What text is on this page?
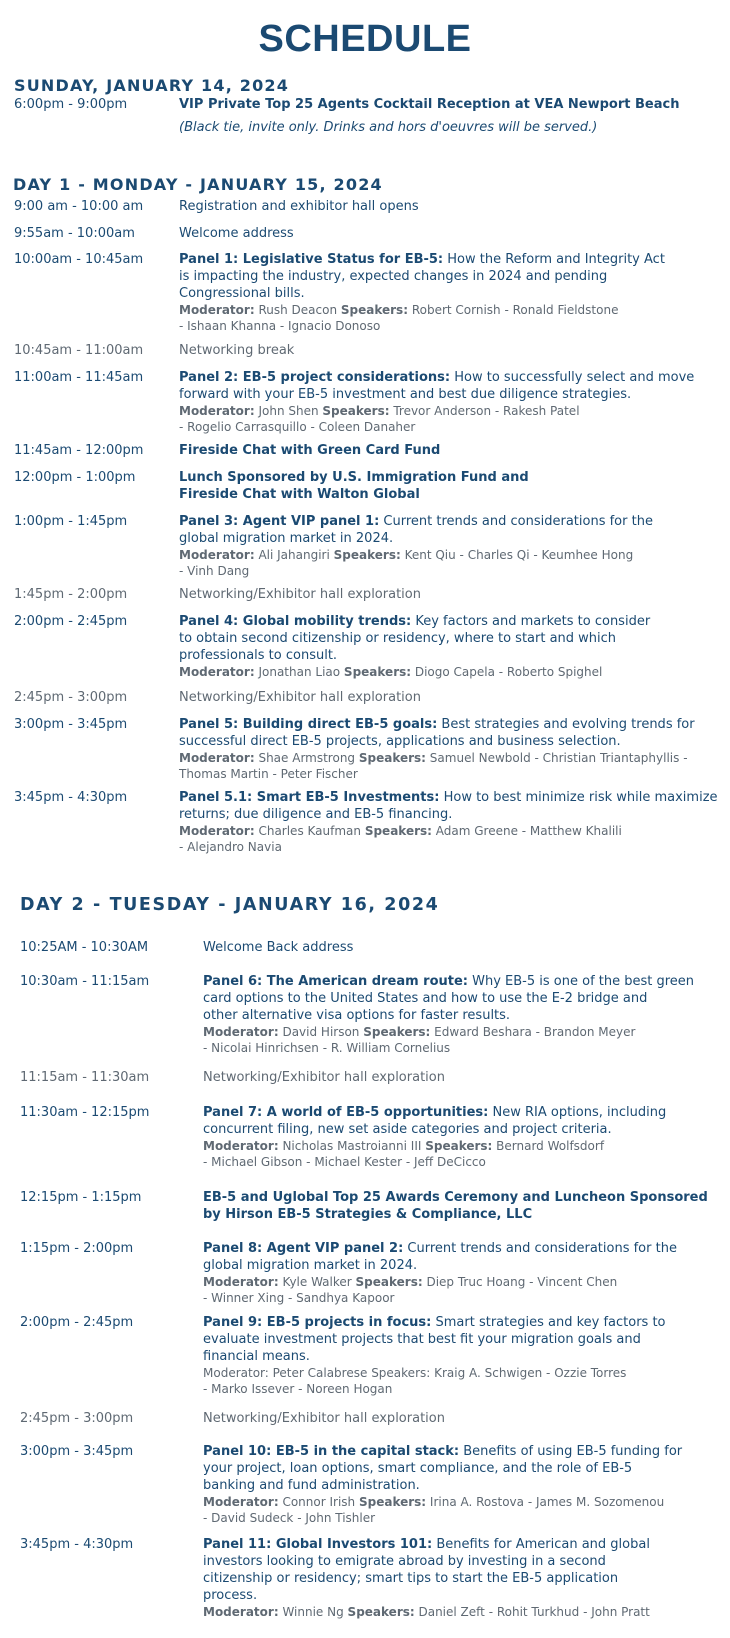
SCHEDULE
SUNDAY, JANUARY 14, 2024
6:00pm - 9:00pm	VIP Private Top 25 Agents Cocktail Reception at VEA Newport Beach
(Black tie, invite only. Drinks and hors d'oeuvres will be served.)
DAY 1 - MONDAY - JANUARY 15, 2024
9:00 am - 10:00 am	Registration and exhibitor hall opens
9:55am - 10:00am	Welcome address
10:00am - 10:45am	Panel 1: Legislative Status for EB-5: How the Reform and Integrity Act
is impacting the industry, expected changes in 2024 and pending
Congressional bills.
Moderator: Rush Deacon Speakers: Robert Cornish - Ronald Fieldstone
- Ishaan Khanna - Ignacio Donoso
10:45am - 11:00am	Networking break
11:00am - 11:45am	Panel 2: EB-5 project considerations: How to successfully select and move
forward with your EB-5 investment and best due diligence strategies.
Moderator: John Shen Speakers: Trevor Anderson - Rakesh Patel
- Rogelio Carrasquillo - Coleen Danaher
11:45am - 12:00pm	Fireside Chat with Green Card Fund
12:00pm - 1:00pm	Lunch Sponsored by U.S. Immigration Fund and
Fireside Chat with Walton Global
1:00pm - 1:45pm	Panel 3: Agent VIP panel 1: Current trends and considerations for the
global migration market in 2024.
Moderator: Ali Jahangiri Speakers: Kent Qiu - Charles Qi - Keumhee Hong
- Vinh Dang
1:45pm - 2:00pm	Networking/Exhibitor hall exploration
2:00pm - 2:45pm	Panel 4: Global mobility trends: Key factors and markets to consider
to obtain second citizenship or residency, where to start and which
professionals to consult.
Moderator: Jonathan Liao Speakers: Diogo Capela - Roberto Spighel
2:45pm - 3:00pm	Networking/Exhibitor hall exploration
3:00pm - 3:45pm	Panel 5: Building direct EB-5 goals: Best strategies and evolving trends for
successful direct EB-5 projects, applications and business selection.
Moderator: Shae Armstrong Speakers: Samuel Newbold - Christian Triantaphyllis -
Thomas Martin - Peter Fischer
3:45pm - 4:30pm	Panel 5.1: Smart EB-5 Investments: How to best minimize risk while maximize
returns; due diligence and EB-5 financing.
Moderator: Charles Kaufman Speakers: Adam Greene - Matthew Khalili
- Alejandro Navia
DAY 2 - TUESDAY - JANUARY 16, 2024
10:25AM - 10:30AM	Welcome Back address
10:30am - 11:15am	Panel 6: The American dream route: Why EB-5 is one of the best green
card options to the United States and how to use the E-2 bridge and
other alternative visa options for faster results.
Moderator: David Hirson Speakers: Edward Beshara - Brandon Meyer
- Nicolai Hinrichsen - R. William Cornelius
11:15am - 11:30am	Networking/Exhibitor hall exploration
11:30am - 12:15pm	Panel 7: A world of EB-5 opportunities: New RIA options, including
concurrent filing, new set aside categories and project criteria.
Moderator: Nicholas Mastroianni III Speakers: Bernard Wolfsdorf
- Michael Gibson - Michael Kester - Jeff DeCicco
12:15pm - 1:15pm	EB-5 and Uglobal Top 25 Awards Ceremony and Luncheon Sponsored
by Hirson EB-5 Strategies & Compliance, LLC
1:15pm - 2:00pm	Panel 8: Agent VIP panel 2: Current trends and considerations for the
global migration market in 2024.
Moderator: Kyle Walker Speakers: Diep Truc Hoang - Vincent Chen
- Winner Xing - Sandhya Kapoor
2:00pm - 2:45pm	Panel 9: EB-5 projects in focus: Smart strategies and key factors to
evaluate investment projects that best fit your migration goals and
financial means.
Moderator: Peter Calabrese Speakers: Kraig A. Schwigen - Ozzie Torres
- Marko Issever - Noreen Hogan
2:45pm - 3:00pm	Networking/Exhibitor hall exploration
3:00pm - 3:45pm	Panel 10: EB-5 in the capital stack: Benefits of using EB-5 funding for
your project, loan options, smart compliance, and the role of EB-5
banking and fund administration.
Moderator: Connor Irish Speakers: Irina A. Rostova - James M. Sozomenou
- David Sudeck - John Tishler
3:45pm - 4:30pm	Panel 11: Global Investors 101: Benefits for American and global
investors looking to emigrate abroad by investing in a second
citizenship or residency; smart tips to start the EB-5 application
process.
Moderator: Winnie Ng Speakers: Daniel Zeft - Rohit Turkhud - John Pratt
